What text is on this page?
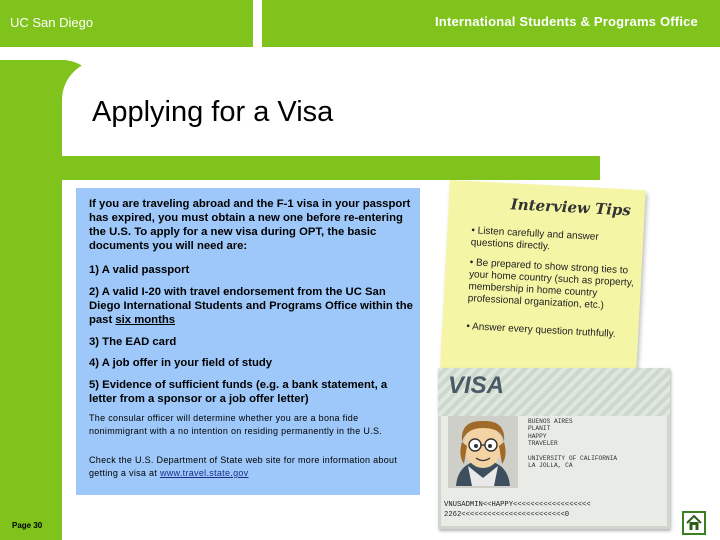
UC San Diego	International Students & Programs Office
Applying for a Visa
If you are traveling abroad and the F-1 visa in your passport has expired, you must obtain a new one before re-entering the U.S. To apply for a new visa during OPT, the basic documents you will need are:
1) A valid passport
2) A valid I-20 with travel endorsement from the UC San Diego International Students and Programs Office within the past six months
3) The EAD card
4) A job offer in your field of study
5) Evidence of sufficient funds (e.g. a bank statement, a letter from a sponsor or a job offer letter)
The consular officer will determine whether you are a bona fide nonimmigrant with a no intention on residing permanently in the U.S.
Check the U.S. Department of State web site for more information about getting a visa at www.travel.state.gov
Interview Tips
• Listen carefully and answer questions directly.
• Be prepared to show strong ties to your home country (such as property, membership in home country professional organization, etc.)
• Answer every question truthfully.
VISA
BUENOS AIRES
PLANIT
HAPPY
TRAVELER

UNIVERSITY OF CALIFORNIA
LA JOLLA, CA
VNUSADMIN<<HAPPY<<<<<<<<<<<<<<<<<<
2262<<<<<<<<<<<<<<<<<<<<<<<<0
Page 30
